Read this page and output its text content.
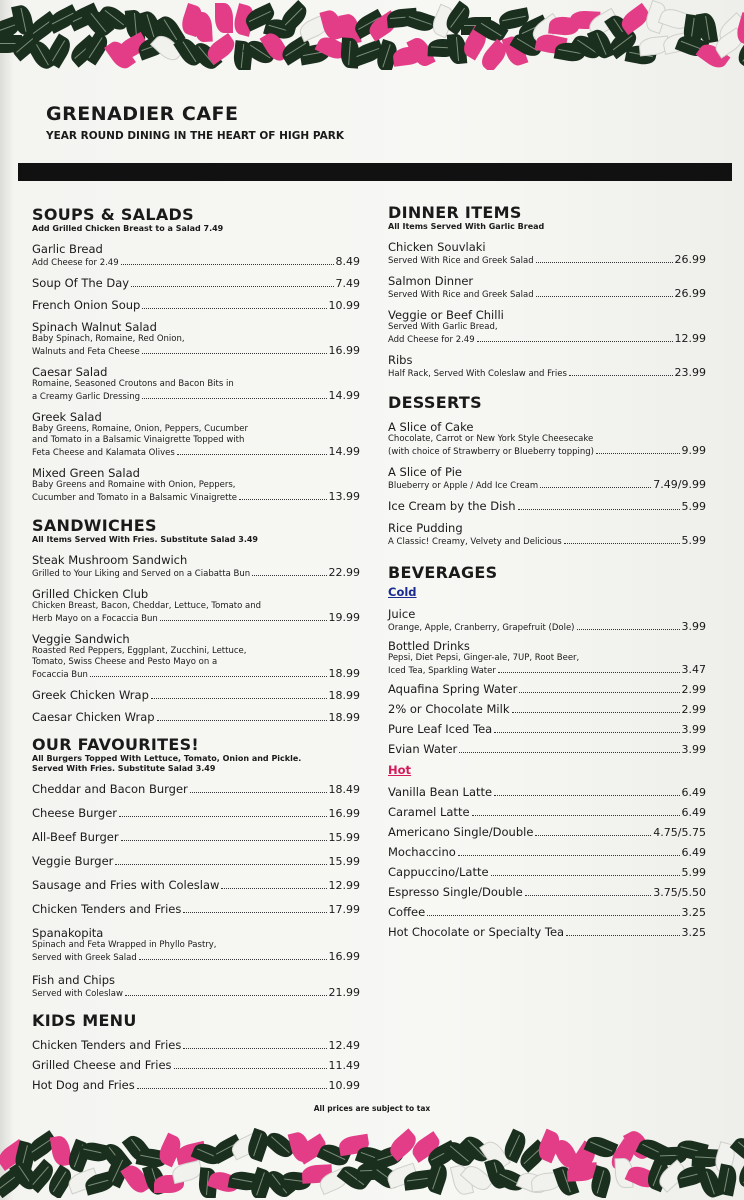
GRENADIER CAFE
YEAR ROUND DINING IN THE HEART OF HIGH PARK
SOUPS & SALADS
Add Grilled Chicken Breast to a Salad 7.49
Garlic Bread
Add Cheese for 2.49	8.49
Soup Of The Day	7.49
French Onion Soup	10.99
Spinach Walnut Salad
Baby Spinach, Romaine, Red Onion,
Walnuts and Feta Cheese	16.99
Caesar Salad
Romaine, Seasoned Croutons and Bacon Bits in
a Creamy Garlic Dressing	14.99
Greek Salad
Baby Greens, Romaine, Onion, Peppers, Cucumber
and Tomato in a Balsamic Vinaigrette Topped with
Feta Cheese and Kalamata Olives	14.99
Mixed Green Salad
Baby Greens and Romaine with Onion, Peppers,
Cucumber and Tomato in a Balsamic Vinaigrette	13.99
SANDWICHES
All Items Served With Fries. Substitute Salad 3.49
Steak Mushroom Sandwich
Grilled to Your Liking and Served on a Ciabatta Bun	22.99
Grilled Chicken Club
Chicken Breast, Bacon, Cheddar, Lettuce, Tomato and
Herb Mayo on a Focaccia Bun	19.99
Veggie Sandwich
Roasted Red Peppers, Eggplant, Zucchini, Lettuce,
Tomato, Swiss Cheese and Pesto Mayo on a
Focaccia Bun	18.99
Greek Chicken Wrap	18.99
Caesar Chicken Wrap	18.99
OUR FAVOURITES!
All Burgers Topped With Lettuce, Tomato, Onion and Pickle. Served With Fries. Substitute Salad 3.49
Cheddar and Bacon Burger	18.49
Cheese Burger	16.99
All-Beef Burger	15.99
Veggie Burger	15.99
Sausage and Fries with Coleslaw	12.99
Chicken Tenders and Fries	17.99
Spanakopita
Spinach and Feta Wrapped in Phyllo Pastry,
Served with Greek Salad	16.99
Fish and Chips
Served with Coleslaw	21.99
KIDS MENU
Chicken Tenders and Fries	12.49
Grilled Cheese and Fries	11.49
Hot Dog and Fries	10.99
DINNER ITEMS
All Items Served With Garlic Bread
Chicken Souvlaki
Served With Rice and Greek Salad	26.99
Salmon Dinner
Served With Rice and Greek Salad	26.99
Veggie or Beef Chilli
Served With Garlic Bread,
Add Cheese for 2.49	12.99
Ribs
Half Rack, Served With Coleslaw and Fries	23.99
DESSERTS
A Slice of Cake
Chocolate, Carrot or New York Style Cheesecake
(with choice of Strawberry or Blueberry topping)	9.99
A Slice of Pie
Blueberry or Apple / Add Ice Cream	7.49/9.99
Ice Cream by the Dish	5.99
Rice Pudding
A Classic! Creamy, Velvety and Delicious	5.99
BEVERAGES
Cold
Juice
Orange, Apple, Cranberry, Grapefruit (Dole)	3.99
Bottled Drinks
Pepsi, Diet Pepsi, Ginger-ale, 7UP, Root Beer,
Iced Tea, Sparkling Water	3.47
Aquafina Spring Water	2.99
2% or Chocolate Milk	2.99
Pure Leaf Iced Tea	3.99
Evian Water	3.99
Hot
Vanilla Bean Latte	6.49
Caramel Latte	6.49
Americano Single/Double	4.75/5.75
Mochaccino	6.49
Cappuccino/Latte	5.99
Espresso Single/Double	3.75/5.50
Coffee	3.25
Hot Chocolate or Specialty Tea	3.25
All prices are subject to tax
